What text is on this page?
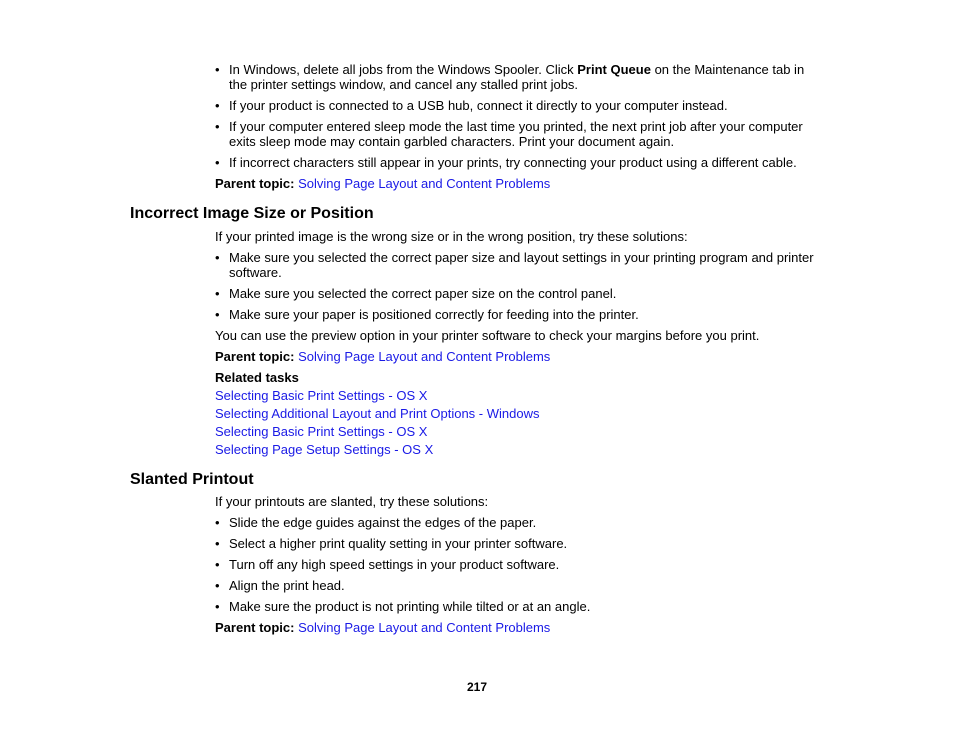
• In Windows, delete all jobs from the Windows Spooler. Click Print Queue on the Maintenance tab in the printer settings window, and cancel any stalled print jobs.
• If your product is connected to a USB hub, connect it directly to your computer instead.
• If your computer entered sleep mode the last time you printed, the next print job after your computer exits sleep mode may contain garbled characters. Print your document again.
• If incorrect characters still appear in your prints, try connecting your product using a different cable.
Parent topic: Solving Page Layout and Content Problems
Incorrect Image Size or Position
If your printed image is the wrong size or in the wrong position, try these solutions:
• Make sure you selected the correct paper size and layout settings in your printing program and printer software.
• Make sure you selected the correct paper size on the control panel.
• Make sure your paper is positioned correctly for feeding into the printer.
You can use the preview option in your printer software to check your margins before you print.
Parent topic: Solving Page Layout and Content Problems
Related tasks
Selecting Basic Print Settings - OS X
Selecting Additional Layout and Print Options - Windows
Selecting Basic Print Settings - OS X
Selecting Page Setup Settings - OS X
Slanted Printout
If your printouts are slanted, try these solutions:
• Slide the edge guides against the edges of the paper.
• Select a higher print quality setting in your printer software.
• Turn off any high speed settings in your product software.
• Align the print head.
• Make sure the product is not printing while tilted or at an angle.
Parent topic: Solving Page Layout and Content Problems
217
